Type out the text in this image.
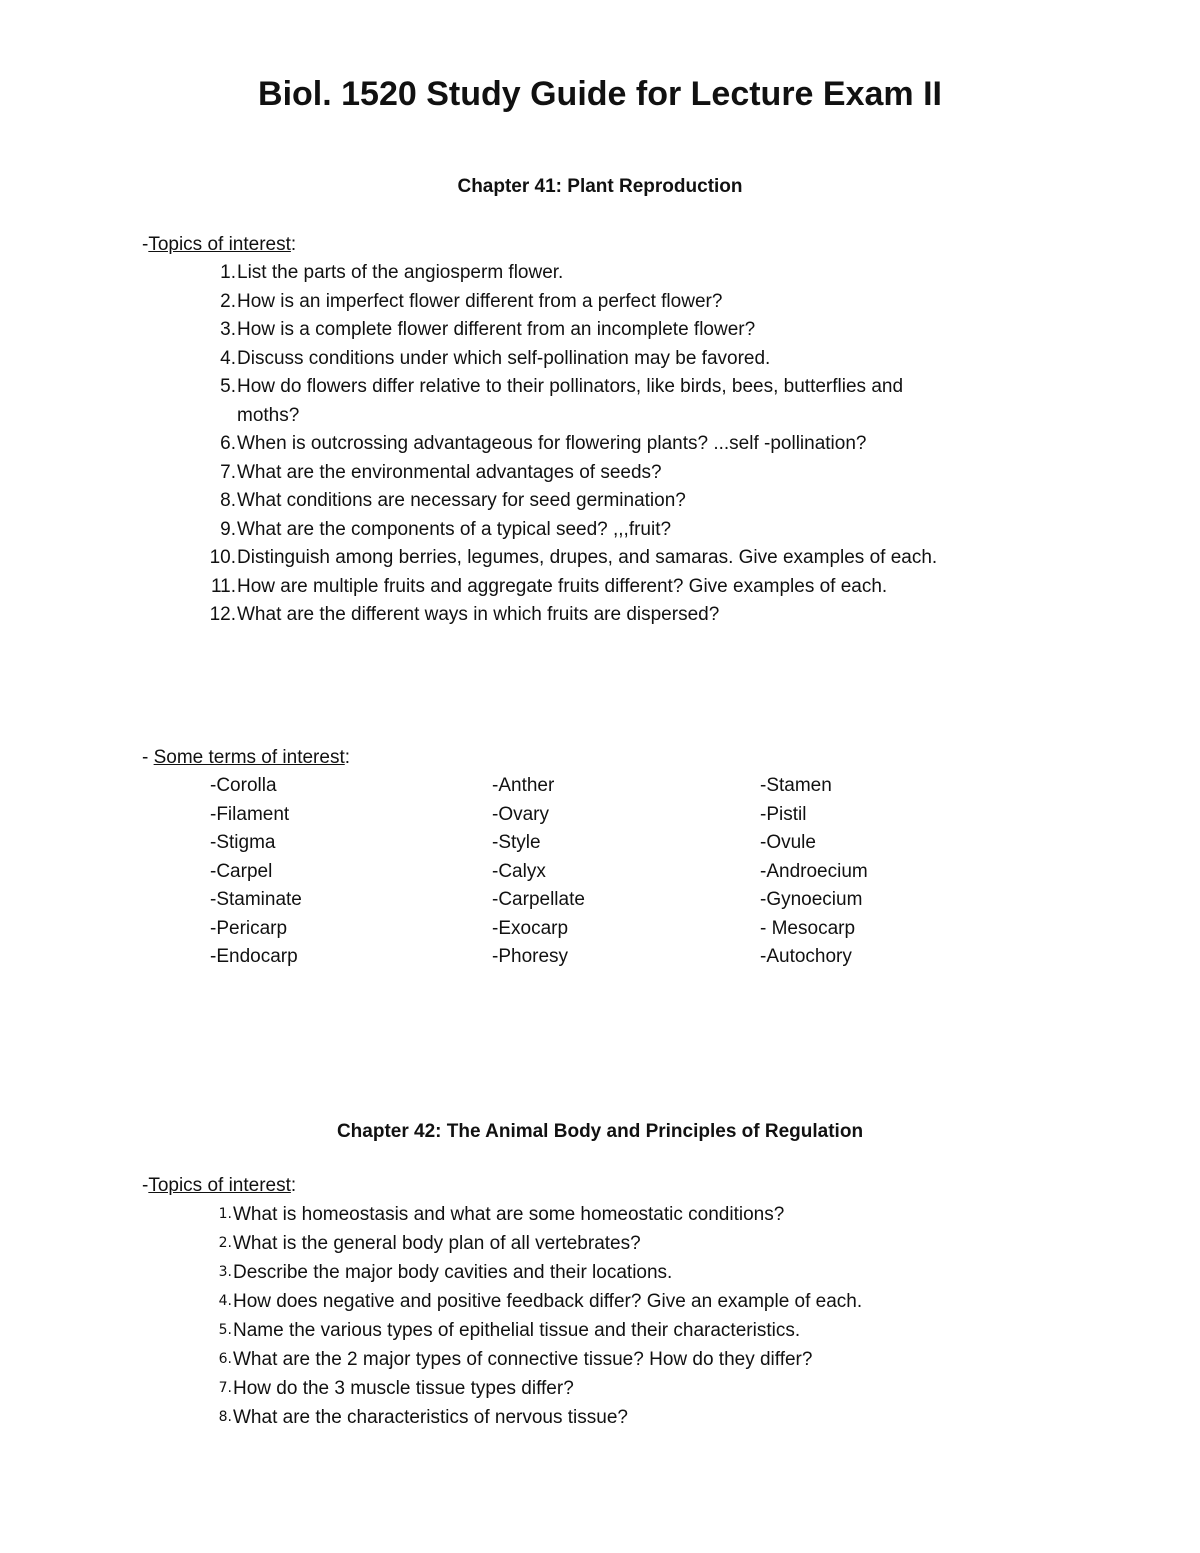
Biol. 1520 Study Guide for Lecture Exam II
Chapter 41: Plant Reproduction

-Topics of interest:

1. List the parts of the angiosperm flower.
2. How is an imperfect flower different from a perfect flower?
3. How is a complete flower different from an incomplete flower?
4. Discuss conditions under which self-pollination may be favored.
5. How do flowers differ relative to their pollinators, like birds, bees, butterflies and moths?
6. When is outcrossing advantageous for flowering plants? ...self -pollination?
7. What are the environmental advantages of seeds?
8. What conditions are necessary for seed germination?
9. What are the components of a typical seed? ,,,fruit?
10. Distinguish among berries, legumes, drupes, and samaras. Give examples of each.
11. How are multiple fruits and aggregate fruits different? Give examples of each.
12. What are the different ways in which fruits are dispersed?

- Some terms of interest:

-Corolla	-Anther	-Stamen
-Filament	-Ovary	-Pistil
-Stigma	-Style	-Ovule
-Carpel	-Calyx	-Androecium
-Staminate	-Carpellate	-Gynoecium
-Pericarp	-Exocarp	- Mesocarp
-Endocarp	-Phoresy	-Autochory
Chapter 42: The Animal Body and Principles of Regulation

-Topics of interest:

1. What is homeostasis and what are some homeostatic conditions?
2. What is the general body plan of all vertebrates?
3. Describe the major body cavities and their locations.
4. How does negative and positive feedback differ? Give an example of each.
5. Name the various types of epithelial tissue and their characteristics.
6. What are the 2 major types of connective tissue? How do they differ?
7. How do the 3 muscle tissue types differ?
8. What are the characteristics of nervous tissue?
